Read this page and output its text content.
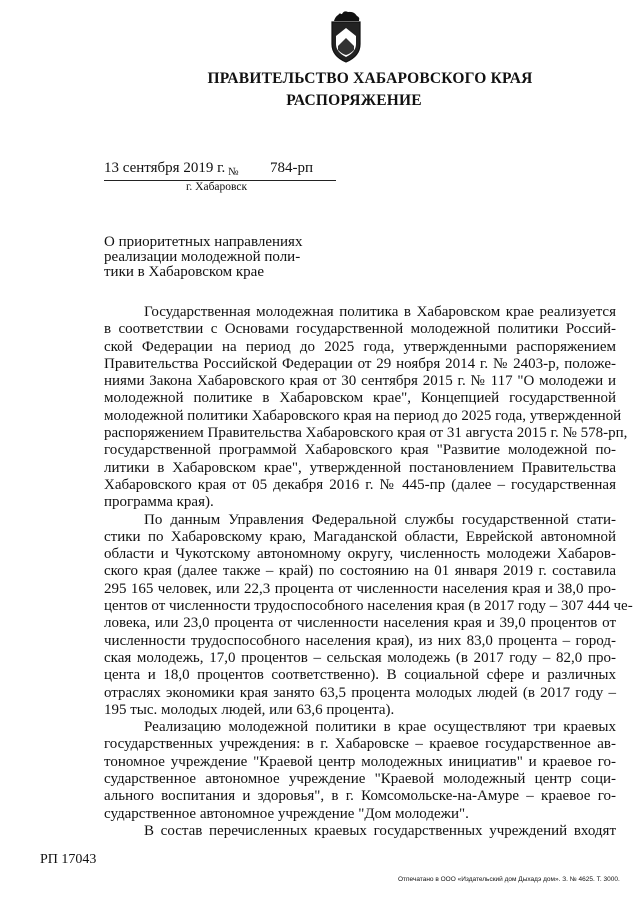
ПРАВИТЕЛЬСТВО ХАБАРОВСКОГО КРАЯ
РАСПОРЯЖЕНИЕ
13 сентября 2019 г. № 784-рп
г. Хабаровск
О приоритетных направлениях
реализации молодежной поли-
тики в Хабаровском крае
Государственная молодежная политика в Хабаровском крае реализуется
в соответствии с Основами государственной молодежной политики Россий-
ской Федерации на период до 2025 года, утвержденными распоряжением
Правительства Российской Федерации от 29 ноября 2014 г. № 2403-р, положе-
ниями Закона Хабаровского края от 30 сентября 2015 г. № 117 "О молодежи и
молодежной политике в Хабаровском крае", Концепцией государственной
молодежной политики Хабаровского края на период до 2025 года, утвержденной
распоряжением Правительства Хабаровского края от 31 августа 2015 г. № 578-рп,
государственной программой Хабаровского края "Развитие молодежной по-
литики в Хабаровском крае", утвержденной постановлением Правительства
Хабаровского края от 05 декабря 2016 г. № 445-пр (далее – государственная
программа края).
По данным Управления Федеральной службы государственной стати-
стики по Хабаровскому краю, Магаданской области, Еврейской автономной
области и Чукотскому автономному округу, численность молодежи Хабаров-
ского края (далее также – край) по состоянию на 01 января 2019 г. составила
295 165 человек, или 22,3 процента от численности населения края и 38,0 про-
центов от численности трудоспособного населения края (в 2017 году – 307 444 че-
ловека, или 23,0 процента от численности населения края и 39,0 процентов от
численности трудоспособного населения края), из них 83,0 процента – город-
ская молодежь, 17,0 процентов – сельская молодежь (в 2017 году – 82,0 про-
цента и 18,0 процентов соответственно). В социальной сфере и различных
отраслях экономики края занято 63,5 процента молодых людей (в 2017 году –
195 тыс. молодых людей, или 63,6 процента).
Реализацию молодежной политики в крае осуществляют три краевых
государственных учреждения: в г. Хабаровске – краевое государственное ав-
тономное учреждение "Краевой центр молодежных инициатив" и краевое го-
сударственное автономное учреждение "Краевой молодежный центр соци-
ального воспитания и здоровья", в г. Комсомольске-на-Амуре – краевое го-
сударственное автономное учреждение "Дом молодежи".
В состав перечисленных краевых государственных учреждений входят
РП 17043
Отпечатано в ООО «Издательский дом Дыхадэ дом». З. № 4625. Т. 3000.
